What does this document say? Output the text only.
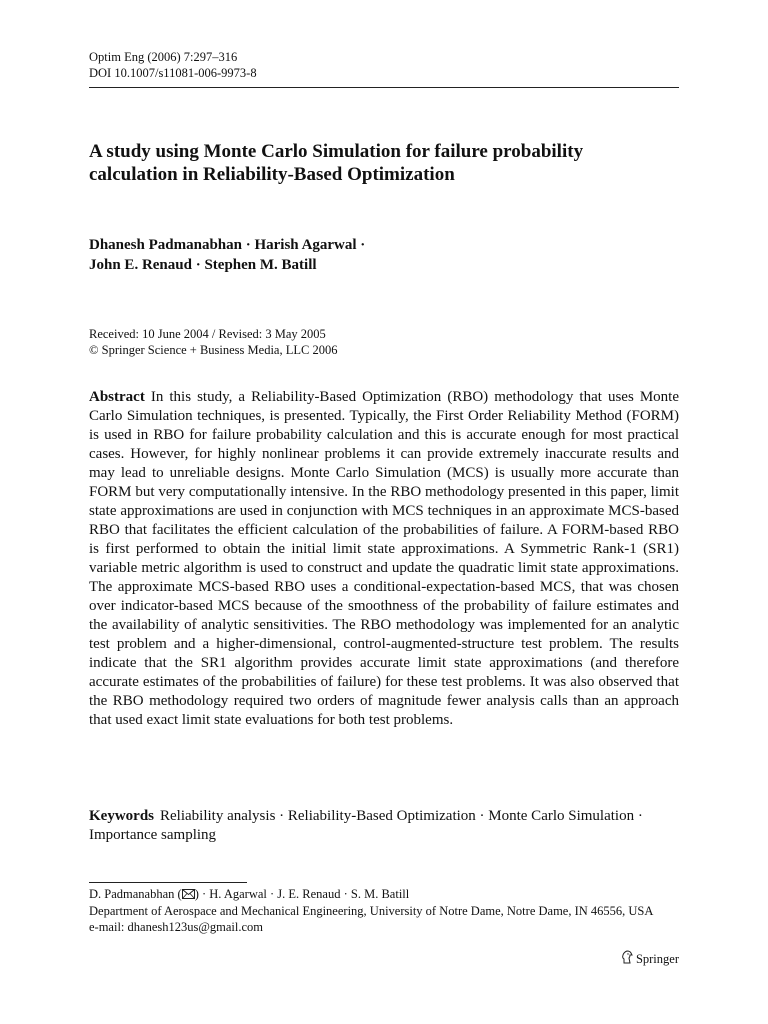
Optim Eng (2006) 7:297–316
DOI 10.1007/s11081-006-9973-8
A study using Monte Carlo Simulation for failure probability calculation in Reliability-Based Optimization
Dhanesh Padmanabhan · Harish Agarwal ·
John E. Renaud · Stephen M. Batill
Received: 10 June 2004 / Revised: 3 May 2005
© Springer Science + Business Media, LLC 2006

Abstract In this study, a Reliability-Based Optimization (RBO) methodology that uses Monte Carlo Simulation techniques, is presented. Typically, the First Order Reliability Method (FORM) is used in RBO for failure probability calculation and this is accurate enough for most practical cases. However, for highly nonlinear problems it can provide extremely inaccurate results and may lead to unreliable designs. Monte Carlo Simulation (MCS) is usually more accurate than FORM but very computationally intensive. In the RBO methodology presented in this paper, limit state approximations are used in conjunction with MCS techniques in an approximate MCS-based RBO that facilitates the efficient calculation of the probabilities of failure. A FORM-based RBO is first performed to obtain the initial limit state approximations. A Symmetric Rank-1 (SR1) variable metric algorithm is used to construct and update the quadratic limit state approximations. The approximate MCS-based RBO uses a conditional-expectation-based MCS, that was chosen over indicator-based MCS because of the smoothness of the probability of failure estimates and the availability of analytic sensitivities. The RBO methodology was implemented for an analytic test problem and a higher-dimensional, control-augmented-structure test problem. The results indicate that the SR1 algorithm provides accurate limit state approximations (and therefore accurate estimates of the probabilities of failure) for these test problems. It was also observed that the RBO methodology required two orders of magnitude fewer analysis calls than an approach that used exact limit state evaluations for both test problems.

Keywords Reliability analysis · Reliability-Based Optimization · Monte Carlo Simulation · Importance sampling
D. Padmanabhan ( ) · H. Agarwal · J. E. Renaud · S. M. Batill
Department of Aerospace and Mechanical Engineering, University of Notre Dame, Notre Dame, IN 46556, USA
e-mail: dhanesh123us@gmail.com
Springer
